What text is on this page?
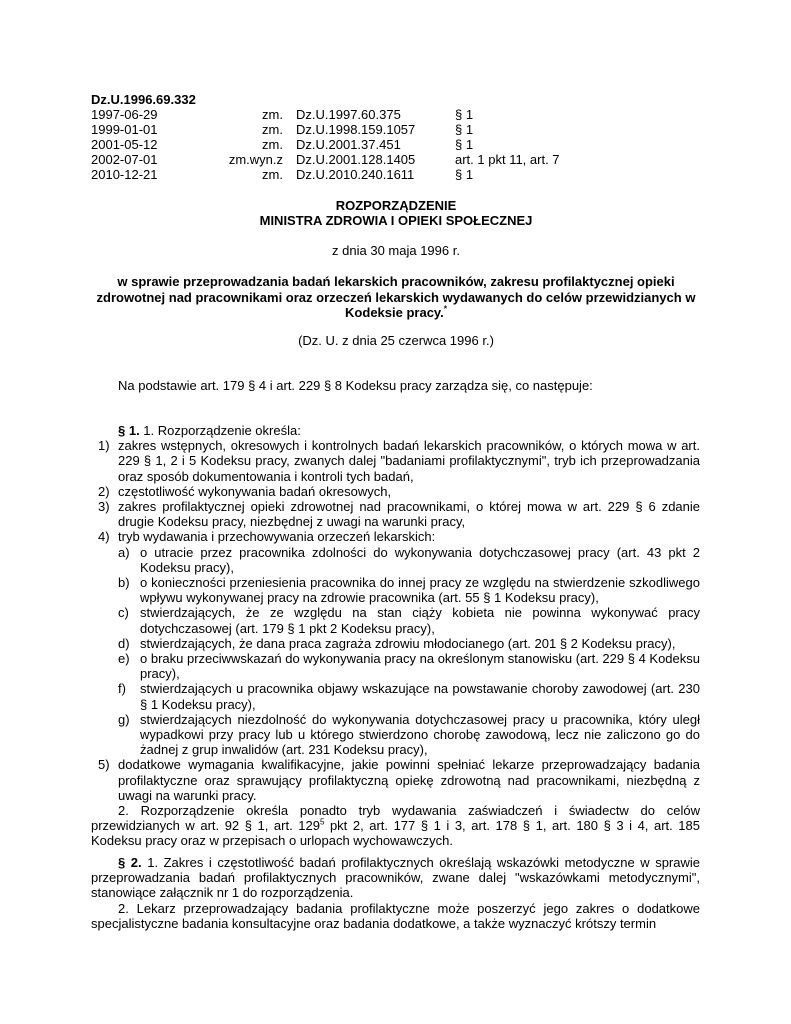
Dz.U.1996.69.332
1997-06-29	zm. Dz.U.1997.60.375	§ 1
1999-01-01	zm. Dz.U.1998.159.1057	§ 1
2001-05-12	zm. Dz.U.2001.37.451	§ 1
2002-07-01	zm.wyn.z Dz.U.2001.128.1405	art. 1 pkt 11, art. 7
2010-12-21	zm. Dz.U.2010.240.1611	§ 1
ROZPORZĄDZENIE
MINISTRA ZDROWIA I OPIEKI SPOŁECZNEJ
z dnia 30 maja 1996 r.
w sprawie przeprowadzania badań lekarskich pracowników, zakresu profilaktycznej opieki zdrowotnej nad pracownikami oraz orzeczeń lekarskich wydawanych do celów przewidzianych w Kodeksie pracy.*
(Dz. U. z dnia 25 czerwca 1996 r.)
Na podstawie art. 179 § 4 i art. 229 § 8 Kodeksu pracy zarządza się, co następuje:
§ 1. 1. Rozporządzenie określa:
1) zakres wstępnych, okresowych i kontrolnych badań lekarskich pracowników, o których mowa w art. 229 § 1, 2 i 5 Kodeksu pracy, zwanych dalej "badaniami profilaktycznymi", tryb ich przeprowadzania oraz sposób dokumentowania i kontroli tych badań,
2) częstotliwość wykonywania badań okresowych,
3) zakres profilaktycznej opieki zdrowotnej nad pracownikami, o której mowa w art. 229 § 6 zdanie drugie Kodeksu pracy, niezbędnej z uwagi na warunki pracy,
4) tryb wydawania i przechowywania orzeczeń lekarskich:
a) o utracie przez pracownika zdolności do wykonywania dotychczasowej pracy (art. 43 pkt 2 Kodeksu pracy),
b) o konieczności przeniesienia pracownika do innej pracy ze względu na stwierdzenie szkodliwego wpływu wykonywanej pracy na zdrowie pracownika (art. 55 § 1 Kodeksu pracy),
c) stwierdzających, że ze względu na stan ciąży kobieta nie powinna wykonywać pracy dotychczasowej (art. 179 § 1 pkt 2 Kodeksu pracy),
d) stwierdzających, że dana praca zagraża zdrowiu młodocianego (art. 201 § 2 Kodeksu pracy),
e) o braku przeciwwskazań do wykonywania pracy na określonym stanowisku (art. 229 § 4 Kodeksu pracy),
f) stwierdzających u pracownika objawy wskazujące na powstawanie choroby zawodowej (art. 230 § 1 Kodeksu pracy),
g) stwierdzających niezdolność do wykonywania dotychczasowej pracy u pracownika, który uległ wypadkowi przy pracy lub u którego stwierdzono chorobę zawodową, lecz nie zaliczono go do żadnej z grup inwalidów (art. 231 Kodeksu pracy),
5) dodatkowe wymagania kwalifikacyjne, jakie powinni spełniać lekarze przeprowadzający badania profilaktyczne oraz sprawujący profilaktyczną opiekę zdrowotną nad pracownikami, niezbędną z uwagi na warunki pracy.
2. Rozporządzenie określa ponadto tryb wydawania zaświadczeń i świadectw do celów przewidzianych w art. 92 § 1, art. $129^5$ pkt 2, art. 177 § 1 i 3, art. 178 § 1, art. 180 § 3 i 4, art. 185 Kodeksu pracy oraz w przepisach o urlopach wychowawczych.
§ 2. 1. Zakres i częstotliwość badań profilaktycznych określają wskazówki metodyczne w sprawie przeprowadzania badań profilaktycznych pracowników, zwane dalej "wskazówkami metodycznymi", stanowiące załącznik nr 1 do rozporządzenia.
2. Lekarz przeprowadzający badania profilaktyczne może poszerzyć jego zakres o dodatkowe specjalistyczne badania konsultacyjne oraz badania dodatkowe, a także wyznaczyć krótszy termin
